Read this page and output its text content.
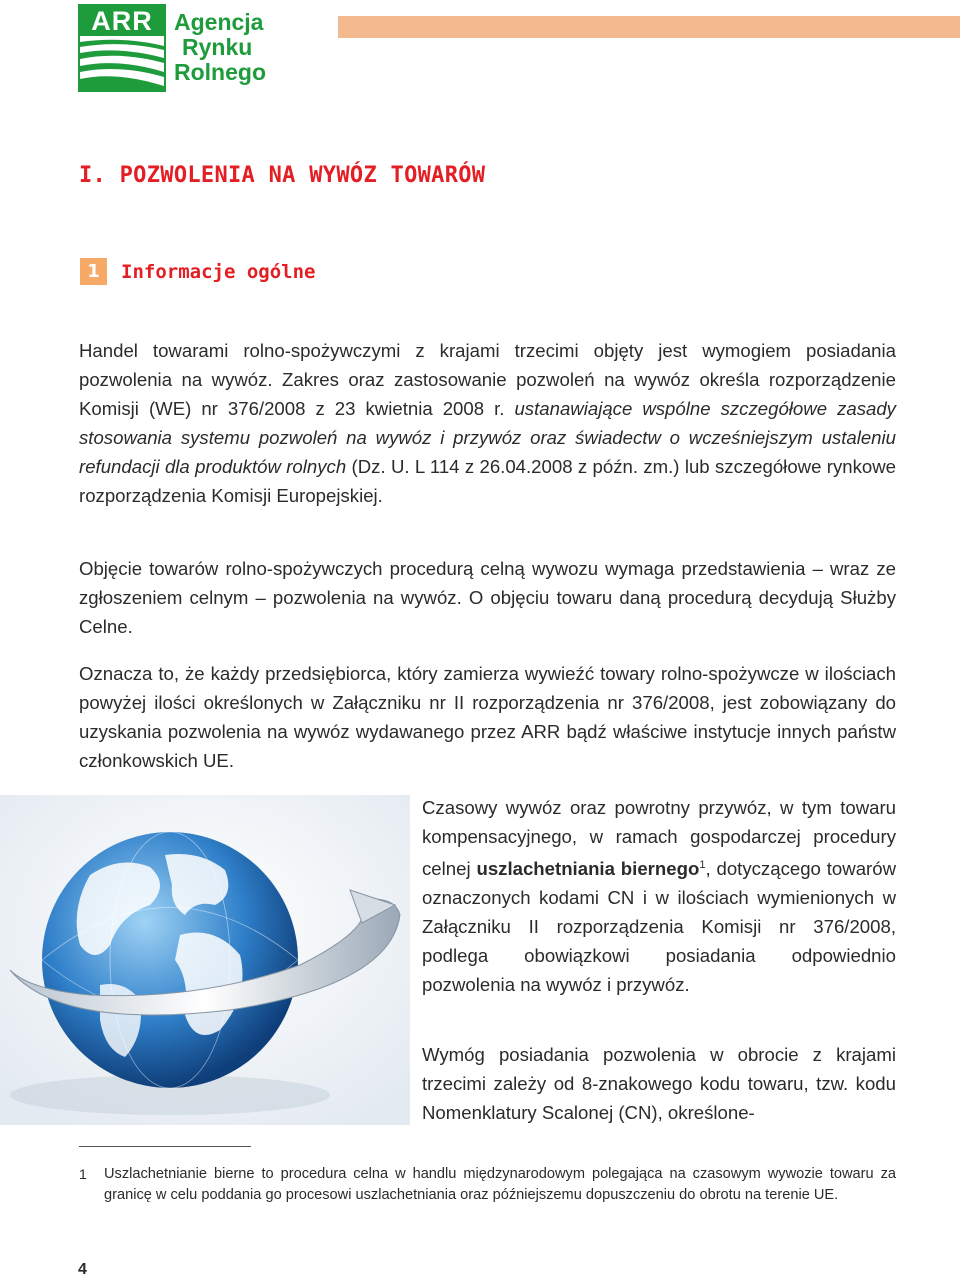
ARR Agencja
Rynku
Rolnego
I. POZWOLENIA NA WYWÓZ TOWARÓW
1 Informacje ogólne

Handel towarami rolno-spożywczymi z krajami trzecimi objęty jest wymogiem posiadania pozwolenia na wywóz. Zakres oraz zastosowanie pozwoleń na wywóz określa rozporządzenie Komisji (WE) nr 376/2008 z 23 kwietnia 2008 r. ustanawiające wspólne szczegółowe zasady stosowania systemu pozwoleń na wywóz i przywóz oraz świadectw o wcześniejszym ustaleniu refundacji dla produktów rolnych (Dz. U. L 114 z 26.04.2008 z późn. zm.) lub szczegółowe rynkowe rozporządzenia Komisji Europejskiej.

Objęcie towarów rolno-spożywczych procedurą celną wywozu wymaga przedstawienia – wraz ze zgłoszeniem celnym – pozwolenia na wywóz. O objęciu towaru daną procedurą decydują Służby Celne.

Oznacza to, że każdy przedsiębiorca, który zamierza wywieźć towary rolno-spożywcze w ilościach powyżej ilości określonych w Załączniku nr II rozporządzenia nr 376/2008, jest zobowiązany do uzyskania pozwolenia na wywóz wydawanego przez ARR bądź właściwe instytucje innych państw członkowskich UE.

Czasowy wywóz oraz powrotny przywóz, w tym towaru kompensacyjnego, w ramach gospodarczej procedury celnej uszlachetniania biernego$^1$, dotyczącego towarów oznaczonych kodami CN i w ilościach wymienionych w Załączniku II rozporządzenia Komisji nr 376/2008, podlega obowiązkowi posiadania odpowiednio pozwolenia na wywóz i przywóz.

Wymóg posiadania pozwolenia w obrocie z krajami trzecimi zależy od 8-znakowego kodu towaru, tzw. kodu Nomenklatury Scalonej (CN), określone-

1 Uszlachetnianie bierne to procedura celna w handlu międzynarodowym polegająca na czasowym wywozie towaru za granicę w celu poddania go procesowi uszlachetniania oraz późniejszemu dopuszczeniu do obrotu na terenie UE.

4
